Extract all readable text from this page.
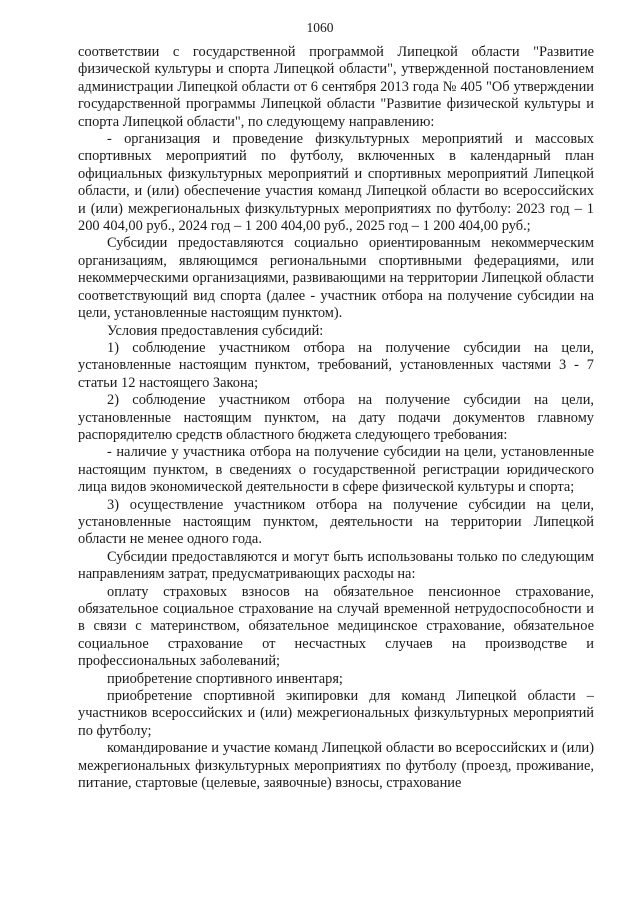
1060

соответствии с государственной программой Липецкой области "Развитие физической культуры и спорта Липецкой области", утвержденной постановлением администрации Липецкой области от 6 сентября 2013 года № 405 "Об утверждении государственной программы Липецкой области "Развитие физической культуры и спорта Липецкой области", по следующему направлению:

- организация и проведение физкультурных мероприятий и массовых спортивных мероприятий по футболу, включенных в календарный план официальных физкультурных мероприятий и спортивных мероприятий Липецкой области, и (или) обеспечение участия команд Липецкой области во всероссийских и (или) межрегиональных физкультурных мероприятиях по футболу: 2023 год – 1 200 404,00 руб., 2024 год – 1 200 404,00 руб., 2025 год – 1 200 404,00 руб.;

Субсидии предоставляются социально ориентированным некоммерческим организациям, являющимся региональными спортивными федерациями, или некоммерческими организациями, развивающими на территории Липецкой области соответствующий вид спорта (далее - участник отбора на получение субсидии на цели, установленные настоящим пунктом).

Условия предоставления субсидий:

1) соблюдение участником отбора на получение субсидии на цели, установленные настоящим пунктом, требований, установленных частями 3 - 7 статьи 12 настоящего Закона;

2) соблюдение участником отбора на получение субсидии на цели, установленные настоящим пунктом, на дату подачи документов главному распорядителю средств областного бюджета следующего требования:

- наличие у участника отбора на получение субсидии на цели, установленные настоящим пунктом, в сведениях о государственной регистрации юридического лица видов экономической деятельности в сфере физической культуры и спорта;

3) осуществление участником отбора на получение субсидии на цели, установленные настоящим пунктом, деятельности на территории Липецкой области не менее одного года.

Субсидии предоставляются и могут быть использованы только по следующим направлениям затрат, предусматривающих расходы на:

оплату страховых взносов на обязательное пенсионное страхование, обязательное социальное страхование на случай временной нетрудоспособности и в связи с материнством, обязательное медицинское страхование, обязательное социальное страхование от несчастных случаев на производстве и профессиональных заболеваний;

приобретение спортивного инвентаря;

приобретение спортивной экипировки для команд Липецкой области – участников всероссийских и (или) межрегиональных физкультурных мероприятий по футболу;

командирование и участие команд Липецкой области во всероссийских и (или) межрегиональных физкультурных мероприятиях по футболу (проезд, проживание, питание, стартовые (целевые, заявочные) взносы, страхование
